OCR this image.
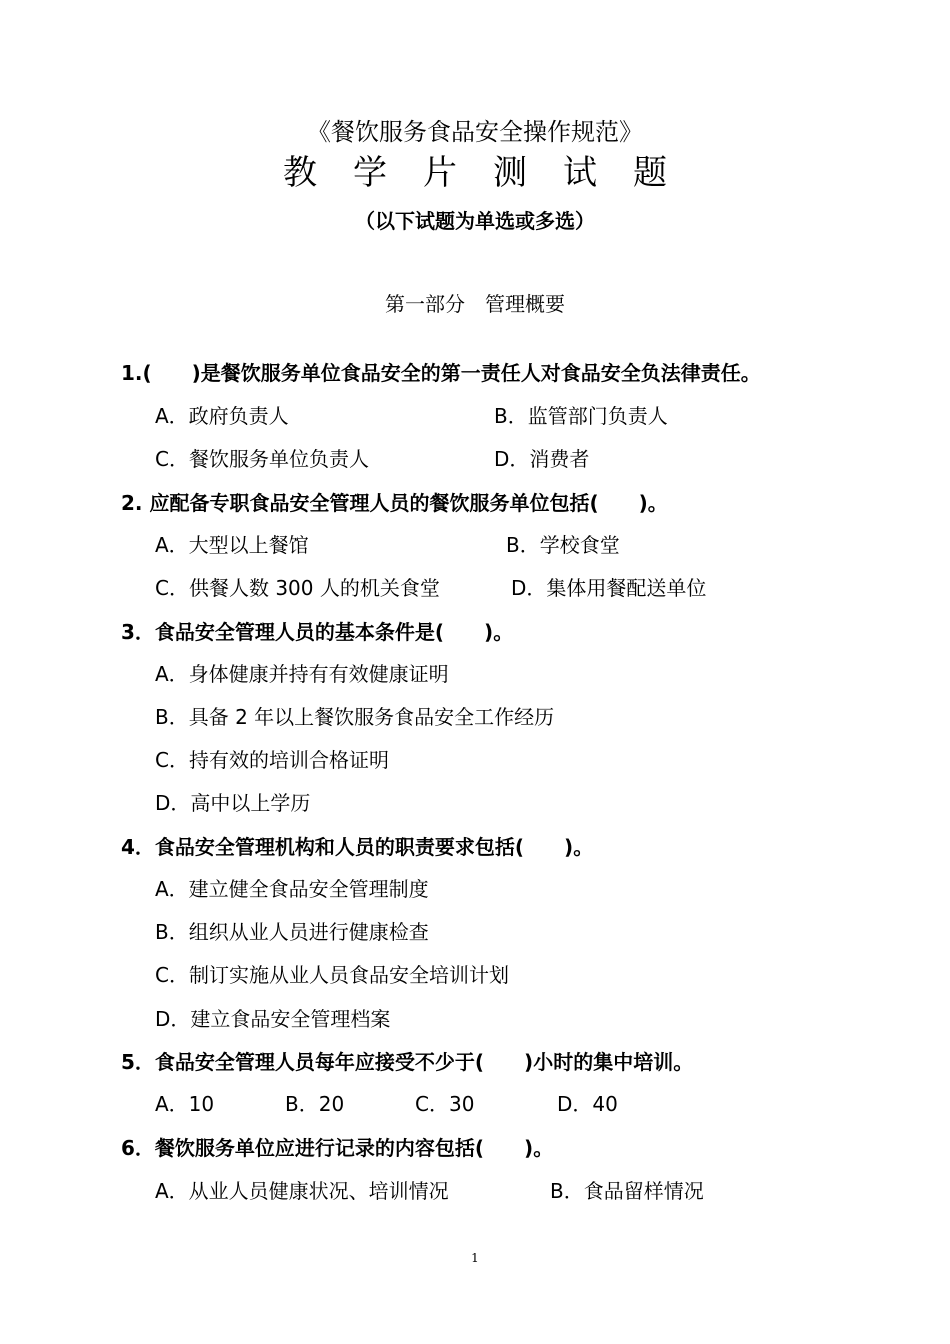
《餐饮服务食品安全操作规范》
教学片测试题
（以下试题为单选或多选）
第一部分　管理概要
1.(　　)是餐饮服务单位食品安全的第一责任人对食品安全负法律责任。
A．政府负责人	B．监管部门负责人
C．餐饮服务单位负责人	D．消费者
2. 应配备专职食品安全管理人员的餐饮服务单位包括(　　)。
A．大型以上餐馆	B．学校食堂
C．供餐人数 300 人的机关食堂	D．集体用餐配送单位
3．食品安全管理人员的基本条件是(　　)。
A．身体健康并持有有效健康证明
B．具备 2 年以上餐饮服务食品安全工作经历
C．持有效的培训合格证明
D．高中以上学历
4．食品安全管理机构和人员的职责要求包括(　　)。
A．建立健全食品安全管理制度
B．组织从业人员进行健康检查
C．制订实施从业人员食品安全培训计划
D．建立食品安全管理档案
5．食品安全管理人员每年应接受不少于(　　)小时的集中培训。
A．10	B．20	C．30	D．40
6．餐饮服务单位应进行记录的内容包括(　　)。
A．从业人员健康状况、培训情况	B．食品留样情况
1
